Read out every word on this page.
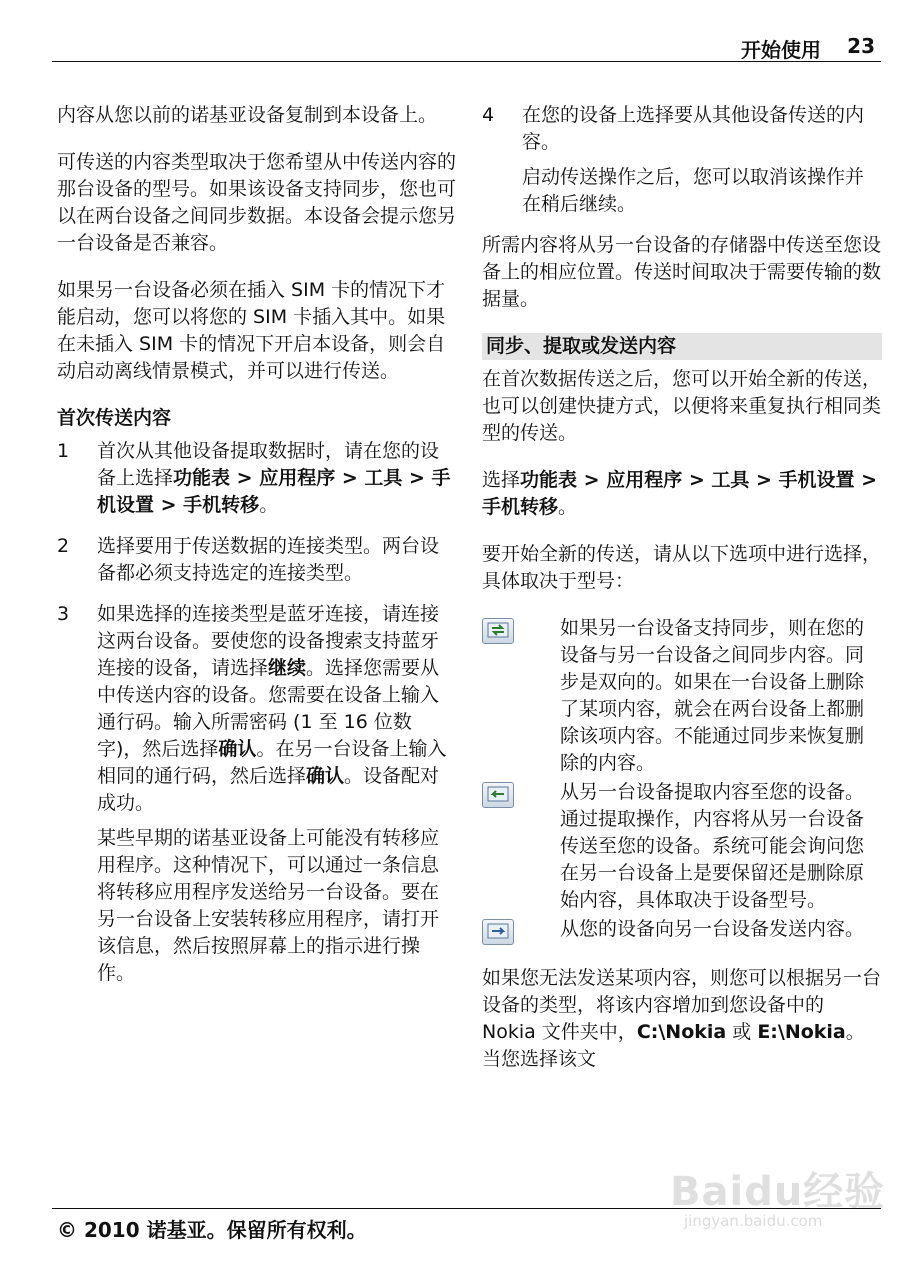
开始使用 23

内容从您以前的诺基亚设备复制到本设备上。

可传送的内容类型取决于您希望从中传送内容的那台设备的型号。如果该设备支持同步，您也可以在两台设备之间同步数据。本设备会提示您另一台设备是否兼容。

如果另一台设备必须在插入 SIM 卡的情况下才能启动，您可以将您的 SIM 卡插入其中。如果在未插入 SIM 卡的情况下开启本设备，则会自动启动离线情景模式，并可以进行传送。

首次传送内容
1 首次从其他设备提取数据时，请在您的设备上选择功能表 > 应用程序 > 工具 > 手机设置 > 手机转移。
2 选择要用于传送数据的连接类型。两台设备都必须支持选定的连接类型。
3 如果选择的连接类型是蓝牙连接，请连接这两台设备。要使您的设备搜索支持蓝牙连接的设备，请选择继续。选择您需要从中传送内容的设备。您需要在设备上输入通行码。输入所需密码 (1 至 16 位数字)，然后选择确认。在另一台设备上输入相同的通行码，然后选择确认。设备配对成功。
某些早期的诺基亚设备上可能没有转移应用程序。这种情况下，可以通过一条信息将转移应用程序发送给另一台设备。要在另一台设备上安装转移应用程序，请打开该信息，然后按照屏幕上的指示进行操作。
4 在您的设备上选择要从其他设备传送的内容。
启动传送操作之后，您可以取消该操作并在稍后继续。

所需内容将从另一台设备的存储器中传送至您设备上的相应位置。传送时间取决于需要传输的数据量。

同步、提取或发送内容

在首次数据传送之后，您可以开始全新的传送，也可以创建快捷方式，以便将来重复执行相同类型的传送。

选择功能表 > 应用程序 > 工具 > 手机设置 > 手机转移。

要开始全新的传送，请从以下选项中进行选择，具体取决于型号：

如果另一台设备支持同步，则在您的设备与另一台设备之间同步内容。同步是双向的。如果在一台设备上删除了某项内容，就会在两台设备上都删除该项内容。不能通过同步来恢复删除的内容。
从另一台设备提取内容至您的设备。通过提取操作，内容将从另一台设备传送至您的设备。系统可能会询问您在另一台设备上是要保留还是删除原始内容，具体取决于设备型号。
从您的设备向另一台设备发送内容。

如果您无法发送某项内容，则您可以根据另一台设备的类型，将该内容增加到您设备中的 Nokia 文件夹中，C:\Nokia 或 E:\Nokia。当您选择该文

Baidu经验
jingyan.baidu.com
© 2010 诺基亚。保留所有权利。
